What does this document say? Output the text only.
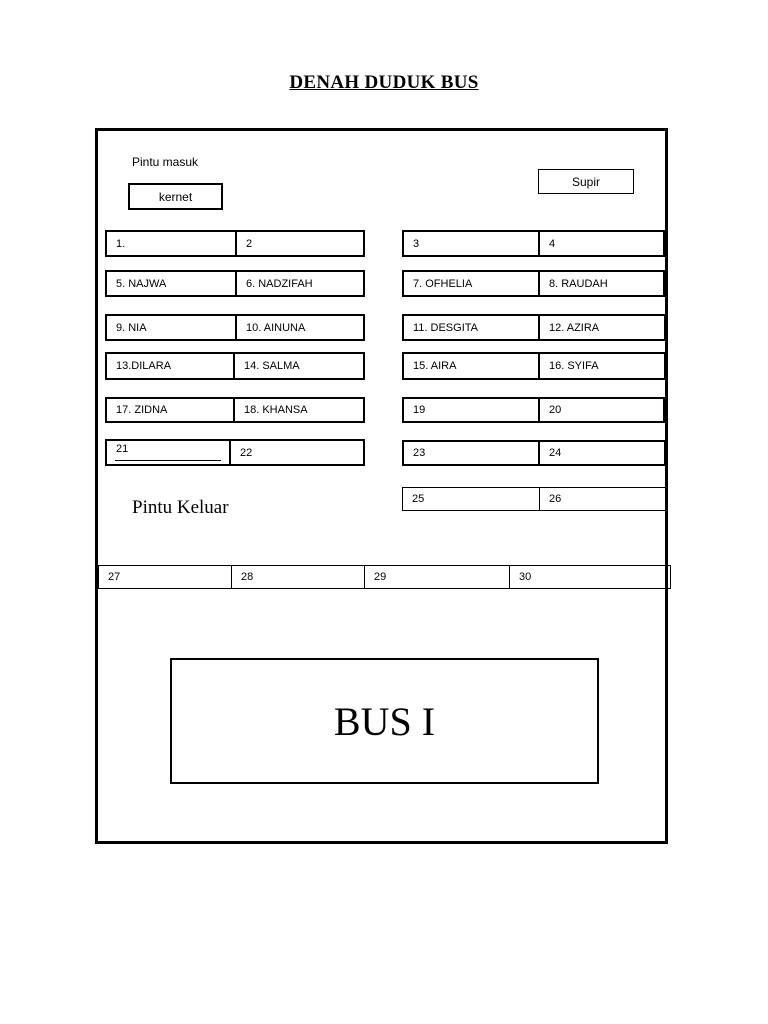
DENAH DUDUK BUS
Pintu masuk
kernet
Supir
1.	2	3	4
5. NAJWA	6. NADZIFAH	7. OFHELIA	8. RAUDAH
9. NIA	10. AINUNA	11. DESGITA	12. AZIRA
13.DILARA	14. SALMA	15. AIRA	16. SYIFA
17. ZIDNA	18. KHANSA	19	20
21	22	23	24
25	26
Pintu Keluar
27	28	29	30
BUS I
